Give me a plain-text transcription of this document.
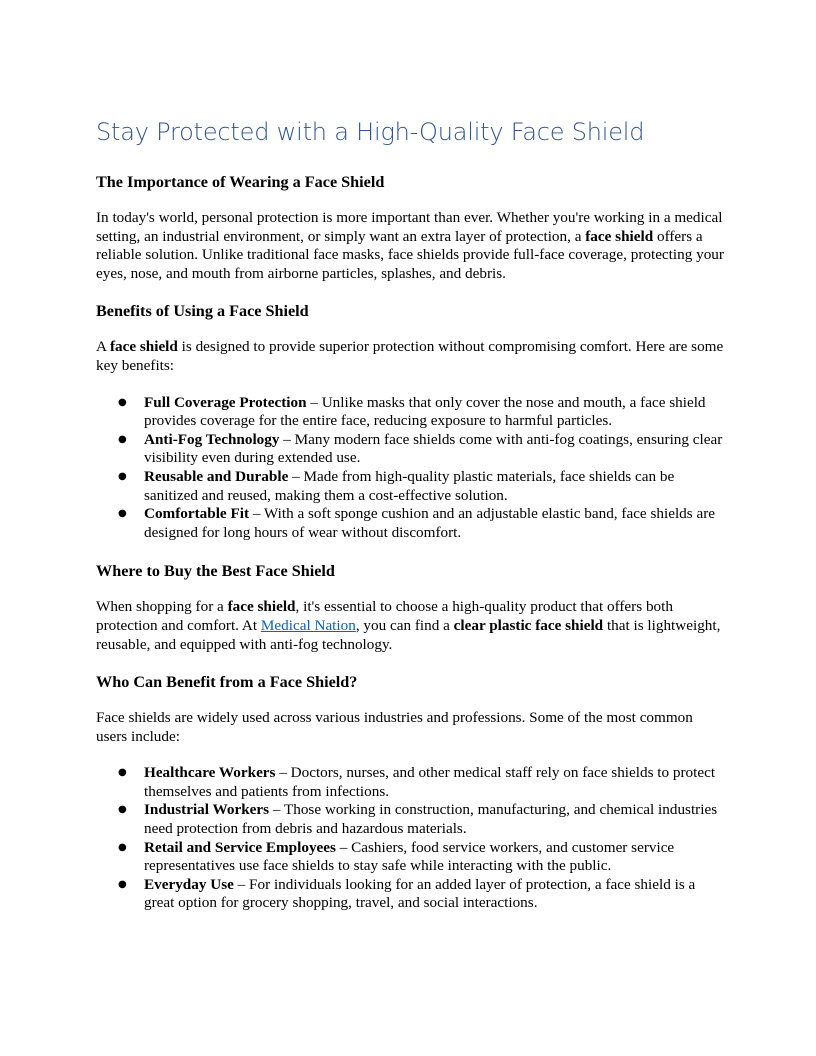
Stay Protected with a High-Quality Face Shield
The Importance of Wearing a Face Shield

In today's world, personal protection is more important than ever. Whether you're working in a medical setting, an industrial environment, or simply want an extra layer of protection, a face shield offers a reliable solution. Unlike traditional face masks, face shields provide full-face coverage, protecting your eyes, nose, and mouth from airborne particles, splashes, and debris.

Benefits of Using a Face Shield

A face shield is designed to provide superior protection without compromising comfort. Here are some key benefits:

● Full Coverage Protection – Unlike masks that only cover the nose and mouth, a face shield provides coverage for the entire face, reducing exposure to harmful particles.
● Anti-Fog Technology – Many modern face shields come with anti-fog coatings, ensuring clear visibility even during extended use.
● Reusable and Durable – Made from high-quality plastic materials, face shields can be sanitized and reused, making them a cost-effective solution.
● Comfortable Fit – With a soft sponge cushion and an adjustable elastic band, face shields are designed for long hours of wear without discomfort.
Where to Buy the Best Face Shield

When shopping for a face shield, it's essential to choose a high-quality product that offers both protection and comfort. At Medical Nation, you can find a clear plastic face shield that is lightweight, reusable, and equipped with anti-fog technology.

Who Can Benefit from a Face Shield?

Face shields are widely used across various industries and professions. Some of the most common users include:

● Healthcare Workers – Doctors, nurses, and other medical staff rely on face shields to protect themselves and patients from infections.
● Industrial Workers – Those working in construction, manufacturing, and chemical industries need protection from debris and hazardous materials.
● Retail and Service Employees – Cashiers, food service workers, and customer service representatives use face shields to stay safe while interacting with the public.
● Everyday Use – For individuals looking for an added layer of protection, a face shield is a great option for grocery shopping, travel, and social interactions.
